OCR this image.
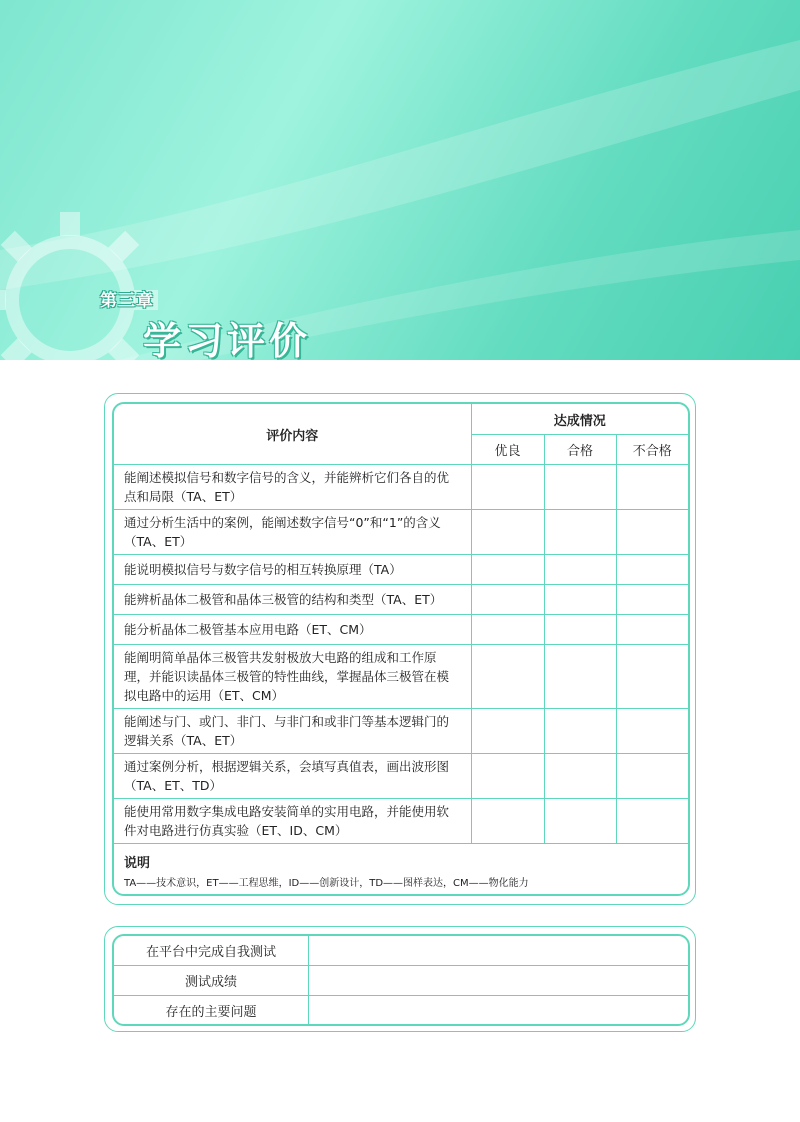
第三章
学习评价
评价内容	达成情况		
	优良	合格	不合格
能阐述模拟信号和数字信号的含义，并能辨析它们各自的优点和局限（TA、ET）			
通过分析生活中的案例，能阐述数字信号“0”和“1”的含义（TA、ET）			
能说明模拟信号与数字信号的相互转换原理（TA）			
能辨析晶体二极管和晶体三极管的结构和类型（TA、ET）			
能分析晶体二极管基本应用电路（ET、CM）			
能阐明简单晶体三极管共发射极放大电路的组成和工作原理，并能识读晶体三极管的特性曲线，掌握晶体三极管在模拟电路中的运用（ET、CM）			
能阐述与门、或门、非门、与非门和或非门等基本逻辑门的逻辑关系（TA、ET）			
通过案例分析，根据逻辑关系，会填写真值表，画出波形图（TA、ET、TD）			
能使用常用数字集成电路安装简单的实用电路，并能使用软件对电路进行仿真实验（ET、ID、CM）			
说明
TA——技术意识，ET——工程思维，ID——创新设计，TD——图样表达，CM——物化能力
在平台中完成自我测试	
测试成绩	
存在的主要问题	
